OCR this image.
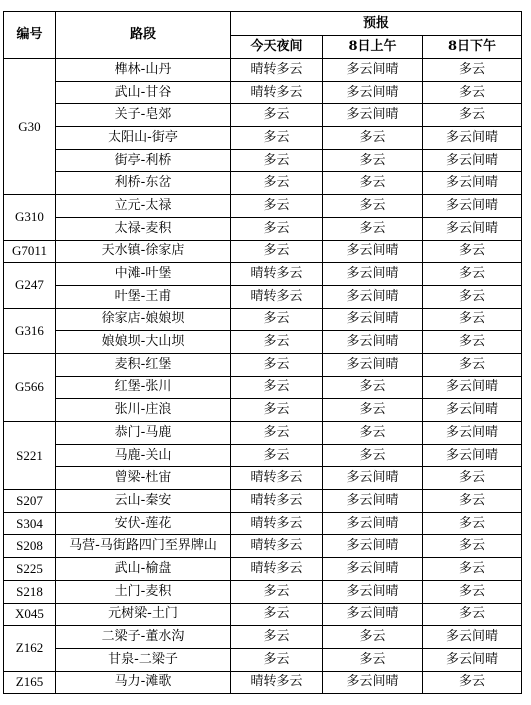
编号	路段	预报		
		今天夜间	8日上午	8日下午
G30	榫林-山丹	晴转多云	多云间晴	多云
	武山-甘谷	晴转多云	多云间晴	多云
	关子-皂郊	多云	多云间晴	多云
	太阳山-街亭	多云	多云	多云间晴
	街亭-利桥	多云	多云	多云间晴
	利桥-东岔	多云	多云	多云间晴
G310	立元-太禄	多云	多云	多云间晴
	太禄-麦积	多云	多云	多云间晴
G7011	天水镇-徐家店	多云	多云间晴	多云
G247	中滩-叶堡	晴转多云	多云间晴	多云
	叶堡-王甫	晴转多云	多云间晴	多云
G316	徐家店-娘娘坝	多云	多云间晴	多云
	娘娘坝-大山坝	多云	多云间晴	多云
G566	麦积-红堡	多云	多云间晴	多云
	红堡-张川	多云	多云	多云间晴
	张川-庄浪	多云	多云	多云间晴
S221	恭门-马鹿	多云	多云	多云间晴
	马鹿-关山	多云	多云	多云间晴
	曾梁-杜宙	晴转多云	多云间晴	多云
S207	云山-秦安	晴转多云	多云间晴	多云
S304	安伏-莲花	晴转多云	多云间晴	多云
S208	马营-马街路四门至界牌山	晴转多云	多云间晴	多云
S225	武山-榆盘	晴转多云	多云间晴	多云
S218	土门-麦积	多云	多云间晴	多云
X045	元树梁-土门	多云	多云间晴	多云
Z162	二梁子-董水沟	多云	多云	多云间晴
	甘泉-二梁子	多云	多云	多云间晴
Z165	马力-滩歌	晴转多云	多云间晴	多云
